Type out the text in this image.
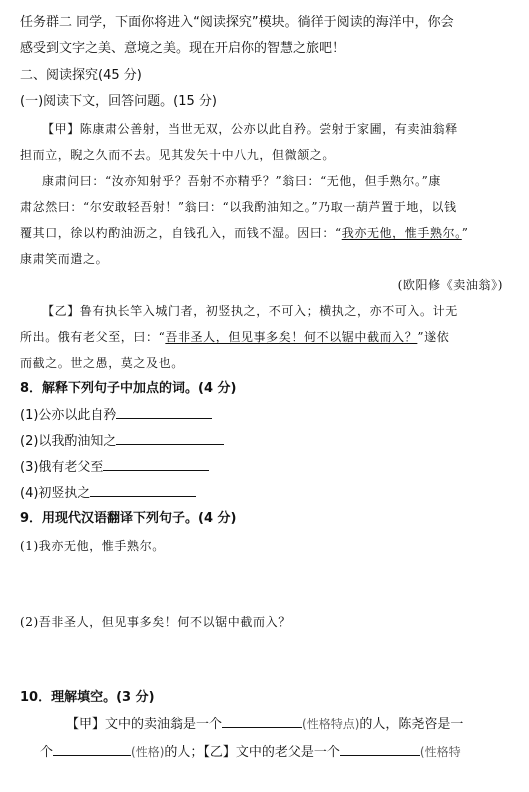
任务群二 同学，下面你将进入“阅读探究”模块。徜徉于阅读的海洋中，你会
感受到文字之美、意境之美。现在开启你的智慧之旅吧！
二、阅读探究(45 分)
(一)阅读下文，回答问题。(15 分)
【甲】陈康肃公善射，当世无双，公亦以此自矜。尝射于家圃，有卖油翁释
担而立，睨之久而不去。见其发矢十中八九，但微颔之。
康肃问曰：“汝亦知射乎？吾射不亦精乎？”翁曰：“无他，但手熟尔。”康
肃忿然曰：“尔安敢轻吾射！”翁曰：“以我酌油知之。”乃取一葫芦置于地，以钱
覆其口，徐以杓酌油沥之，自钱孔入，而钱不湿。因曰：“我亦无他，惟手熟尔。”
康肃笑而遣之。
(欧阳修《卖油翁》)
【乙】鲁有执长竿入城门者，初竖执之，不可入；横执之，亦不可入。计无
所出。俄有老父至，曰：“吾非圣人，但见事多矣！何不以锯中截而入？”遂依
而截之。世之愚，莫之及也。
8．解释下列句子中加点的词。(4 分)
(1)公亦以此自矜
(2)以我酌油知之
(3)俄有老父至
(4)初竖执之
9．用现代汉语翻译下列句子。(4 分)
(1)我亦无他，惟手熟尔。
(2)吾非圣人，但见事多矣！何不以锯中截而入？
10．理解填空。(3 分)
【甲】文中的卖油翁是一个	(性格特点)的人，陈尧咨是一
个	(性格)的人；【乙】文中的老父是一个	(性格特
